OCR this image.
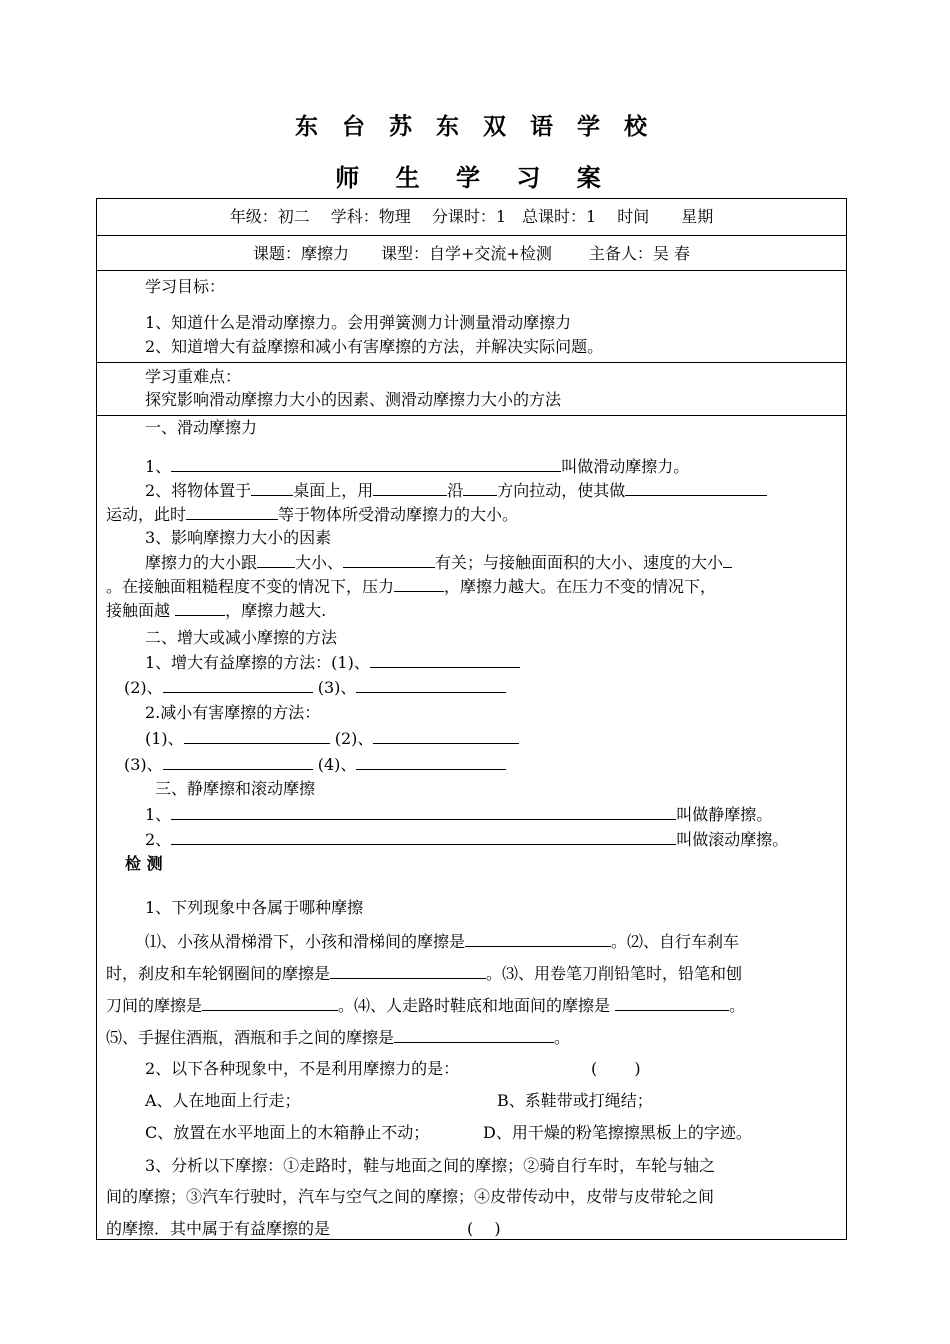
东 台 苏 东 双 语 学 校
师 生 学 习 案
年级：初二　 学科：物理　 分课时：1　总课时：1　 时间　　星期
课题：摩擦力　　课型：自学+交流+检测　　 主备人：吴 春
学习目标：
1、知道什么是滑动摩擦力。会用弹簧测力计测量滑动摩擦力
2、知道增大有益摩擦和减小有害摩擦的方法，并解决实际问题。
学习重难点：
探究影响滑动摩擦力大小的因素、测滑动摩擦力大小的方法
一、滑动摩擦力
1、	叫做滑动摩擦力。
2、将物体置于	桌面上，用	沿 方向拉动，使其做
运动，此时	等于物体所受滑动摩擦力的大小。
3、影响摩擦力大小的因素
摩擦力的大小跟 大小、	有关；与接触面面积的大小、速度的大小
。在接触面粗糙程度不变的情况下，压力	，摩擦力越大。在压力不变的情况下，
接触面越	，摩擦力越大.
二、增大或减小摩擦的方法
1、增大有益摩擦的方法：(1)、
(2)、	(3)、
2.减小有害摩擦的方法：
(1)、	(2)、
(3)、	(4)、
三、静摩擦和滚动摩擦
1、	叫做静摩擦。
2、	叫做滚动摩擦。
检 测
1、下列现象中各属于哪种摩擦
⑴、小孩从滑梯滑下，小孩和滑梯间的摩擦是	。⑵、自行车刹车
时，刹皮和车轮钢圈间的摩擦是	。⑶、用卷笔刀削铅笔时，铅笔和刨
刀间的摩擦是	。⑷、人走路时鞋底和地面间的摩擦是	。
⑸、手握住酒瓶，酒瓶和手之间的摩擦是	。
2、以下各种现象中，不是利用摩擦力的是：	(　　 )
A、人在地面上行走；	B、系鞋带或打绳结；
C、放置在水平地面上的木箱静止不动；	D、用干燥的粉笔擦擦黑板上的字迹。
3、分析以下摩擦：①走路时，鞋与地面之间的摩擦；②骑自行车时，车轮与轴之
间的摩擦；③汽车行驶时，汽车与空气之间的摩擦；④皮带传动中，皮带与皮带轮之间
的摩擦．其中属于有益摩擦的是	(　 )
